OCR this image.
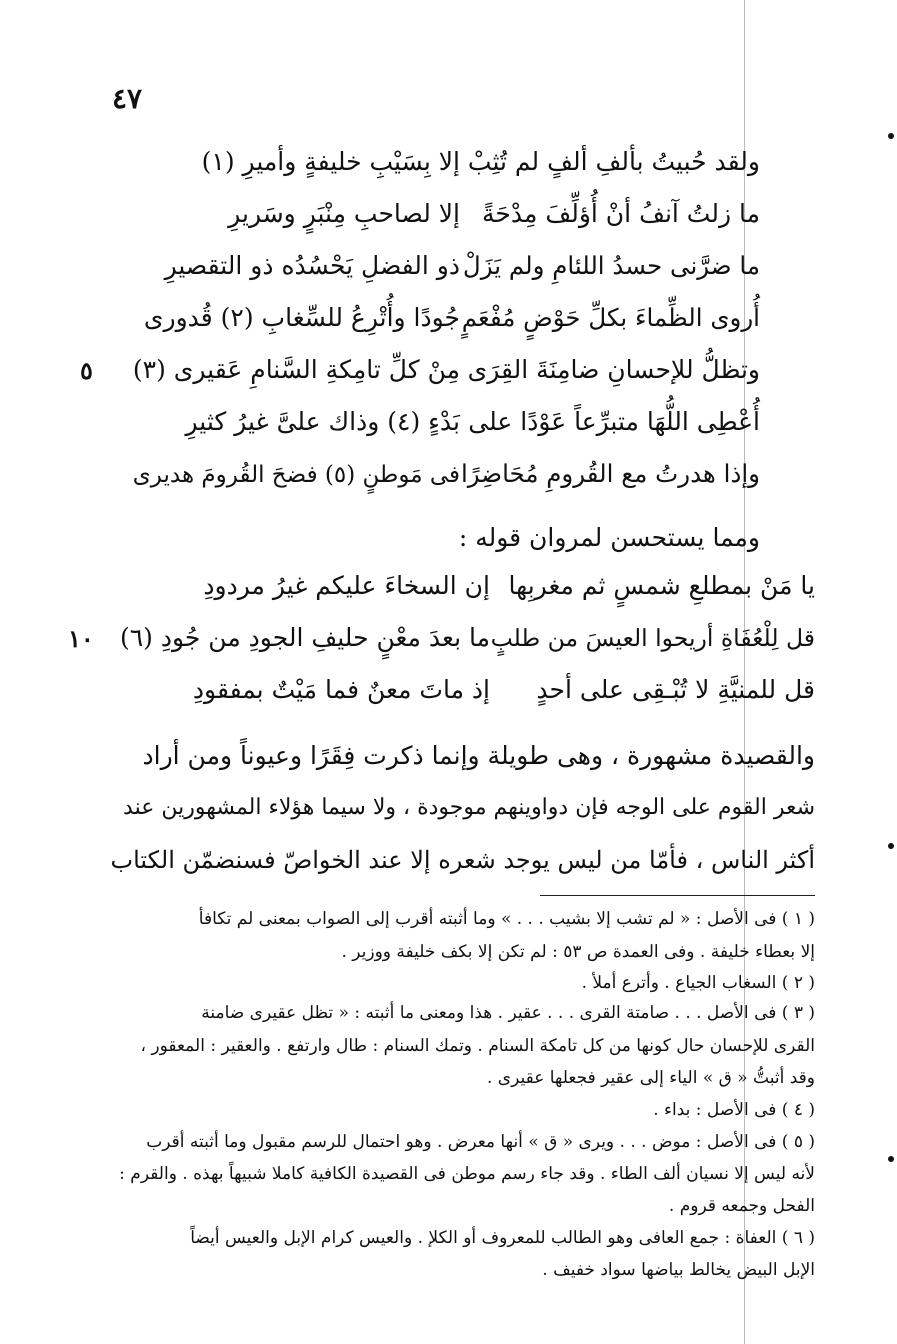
٤٧
ولقد حُبيتُ بألفِ ألفٍ لم تُثِبْ
إلا بِسَيْبِ خليفةٍ وأميرِ (١)
ما زلتُ آنفُ أنْ أُؤلِّفَ مِدْحَةً
إلا لصاحبِ مِنْبَرٍ وسَريرِ
ما ضرَّنى حسدُ اللئامِ ولم يَزَلْ
ذو الفضلِ يَحْسُدُه ذو التقصيرِ
أُروى الظِّماءَ بكلِّ حَوْضٍ مُفْعَمٍ
جُودًا وأُتْرِعُ للسِّغابِ (٢) قُدورى
وتظلُّ للإحسانِ ضامِنَةَ القِرَى
مِنْ كلِّ تامِكةِ السَّنامِ عَقيرى (٣)
٥
أُعْطِى اللُّهَا متبرِّعاً عَوْدًا على
بَدْءٍ (٤) وذاك علىَّ غيرُ كثيرِ
وإذا هدرتُ مع القُرومِ مُحَاضِرًا
فى مَوطنٍ (٥) فضحَ القُرومَ هديرى
ومما يستحسن لمروان قوله :
يا مَنْ بمطلعِ شمسٍ ثم مغربِها
إن السخاءَ عليكم غيرُ مردودِ
قل لِلْعُفَاةِ أريحوا العيسَ من طلبٍ
ما بعدَ معْنٍ حليفِ الجودِ من جُودِ (٦)
١٠
قل للمنيَّةِ لا تُبْـقِى على أحدٍ
إذ ماتَ معنٌ فما مَيْتٌ بمفقودِ
والقصيدة مشهورة ، وهى طويلة وإنما ذكرت فِقَرًا وعيوناً ومن أراد
شعر القوم على الوجه فإن دواوينهم موجودة ، ولا سيما هؤلاء المشهورين عند
أكثر الناس ، فأمّا من ليس يوجد شعره إلا عند الخواصّ فسنضمّن الكتاب
( ١ ) فى الأصل : « لم تشب إلا بشيب . . . » وما أثبته أقرب إلى الصواب بمعنى لم تكافأ
إلا بعطاء خليفة . وفى العمدة ص ٥٣ : لم تكن إلا بكف خليفة ووزير .
( ٢ ) السغاب الجياع . وأترع أملأ .
( ٣ ) فى الأصل . . . صامتة القرى . . . عقير . هذا ومعنى ما أثبته : « تظل عقيرى ضامنة
القرى للإحسان حال كونها من كل تامكة السنام . وتمك السنام : طال وارتفع . والعقير : المعقور ،
وقد أثبتُّ « ق » الياء إلى عقير فجعلها عقيرى .
( ٤ ) فى الأصل : بداء .
( ٥ ) فى الأصل : موض . . . ويرى « ق » أنها معرض . وهو احتمال للرسم مقبول وما أثبته أقرب
لأنه ليس إلا نسيان ألف الطاء . وقد جاء رسم موطن فى القصيدة الكافية كاملا شبيهاً بهذه . والقرم :
الفحل وجمعه قروم .
( ٦ ) العفاة : جمع العافى وهو الطالب للمعروف أو الكلإ . والعيس كرام الإبل والعيس أيضاً
الإبل البيض يخالط بياضها سواد خفيف .
